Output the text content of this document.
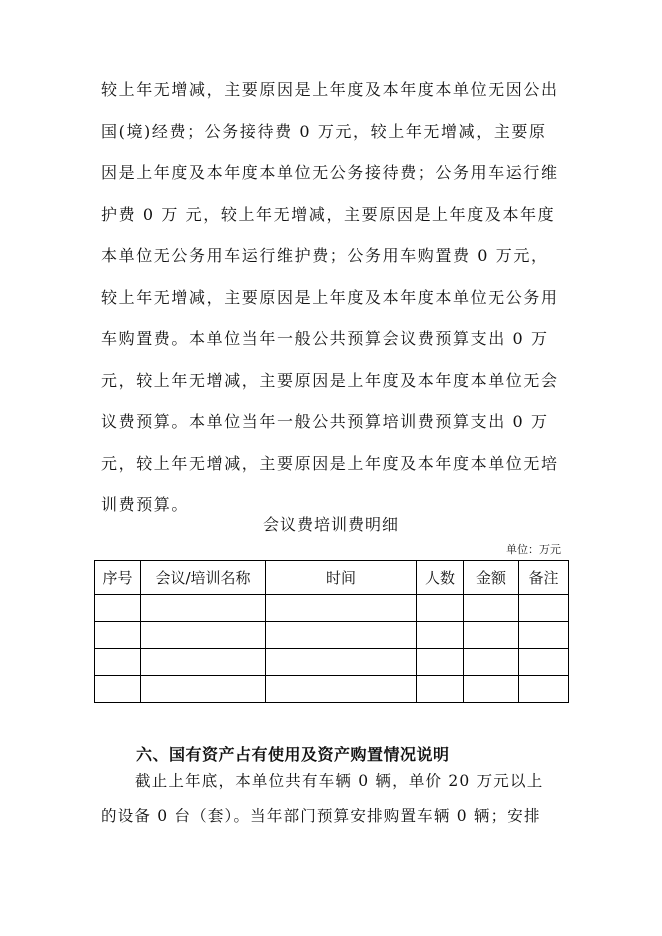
较上年无增减，主要原因是上年度及本年度本单位无因公出
国(境)经费；公务接待费 0 万元，较上年无增减，主要原
因是上年度及本年度本单位无公务接待费；公务用车运行维
护费 0 万 元，较上年无增减，主要原因是上年度及本年度
本单位无公务用车运行维护费；公务用车购置费 0 万元，
较上年无增减，主要原因是上年度及本年度本单位无公务用
车购置费。本单位当年一般公共预算会议费预算支出 0 万
元，较上年无增减，主要原因是上年度及本年度本单位无会
议费预算。本单位当年一般公共预算培训费预算支出 0 万
元，较上年无增减，主要原因是上年度及本年度本单位无培
训费预算。
会议费培训费明细
单位：万元
序号	会议/培训名称	时间	人数	金额	备注

六、国有资产占有使用及资产购置情况说明
截止上年底，本单位共有车辆 0 辆，单价 20 万元以上
的设备 0 台（套）。当年部门预算安排购置车辆 0 辆；安排
